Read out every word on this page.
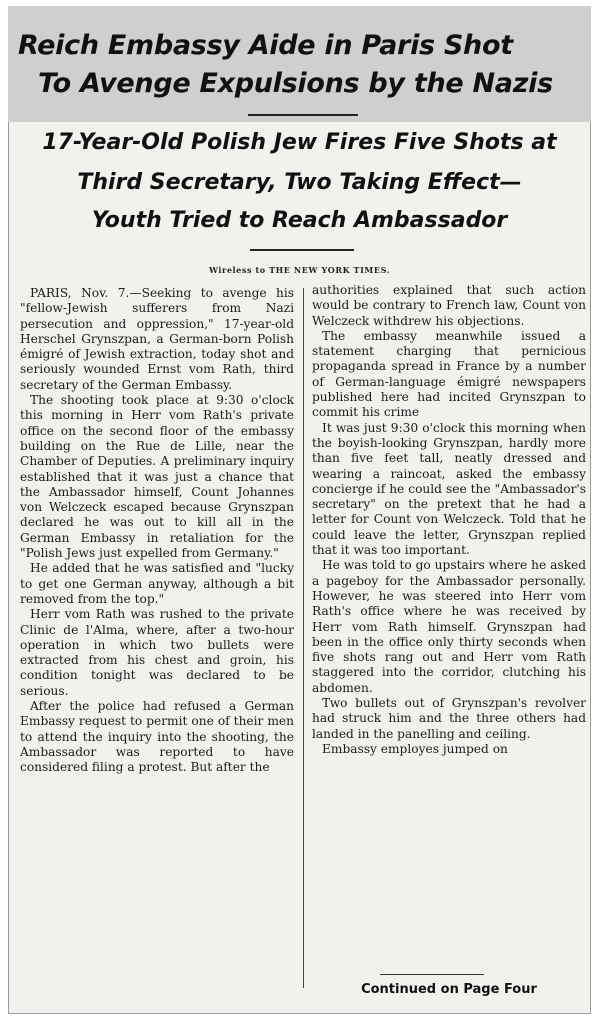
Reich Embassy Aide in Paris Shot
To Avenge Expulsions by the Nazis
17-Year-Old Polish Jew Fires Five Shots at
Third Secretary, Two Taking Effect—
Youth Tried to Reach Ambassador
Wireless to THE NEW YORK TIMES.

PARIS, Nov. 7.—Seeking to avenge his "fellow-Jewish sufferers from Nazi persecution and oppression," 17-year-old Herschel Grynszpan, a German-born Polish émigré of Jewish extraction, today shot and seriously wounded Ernst vom Rath, third secretary of the German Embassy.

The shooting took place at 9:30 o'clock this morning in Herr vom Rath's private office on the second floor of the embassy building on the Rue de Lille, near the Chamber of Deputies. A preliminary inquiry established that it was just a chance that the Ambassador himself, Count Johannes von Welczeck escaped because Grynszpan declared he was out to kill all in the German Embassy in retaliation for the "Polish Jews just expelled from Germany."

He added that he was satisfied and "lucky to get one German anyway, although a bit removed from the top."

Herr vom Rath was rushed to the private Clinic de l'Alma, where, after a two-hour operation in which two bullets were extracted from his chest and groin, his condition tonight was declared to be serious.

After the police had refused a German Embassy request to permit one of their men to attend the inquiry into the shooting, the Ambassador was reported to have considered filing a protest. But after the

authorities explained that such action would be contrary to French law, Count von Welczeck withdrew his objections.

The embassy meanwhile issued a statement charging that pernicious propaganda spread in France by a number of German-language émigré newspapers published here had incited Grynszpan to commit his crime

It was just 9:30 o'clock this morning when the boyish-looking Grynszpan, hardly more than five feet tall, neatly dressed and wearing a raincoat, asked the embassy concierge if he could see the "Ambassador's secretary" on the pretext that he had a letter for Count von Welczeck. Told that he could leave the letter, Grynszpan replied that it was too important.

He was told to go upstairs where he asked a pageboy for the Ambassador personally. However, he was steered into Herr vom Rath's office where he was received by Herr vom Rath himself. Grynszpan had been in the office only thirty seconds when five shots rang out and Herr vom Rath staggered into the corridor, clutching his abdomen.

Two bullets out of Grynszpan's revolver had struck him and the three others had landed in the panelling and ceiling.

Embassy employes jumped on

Continued on Page Four
